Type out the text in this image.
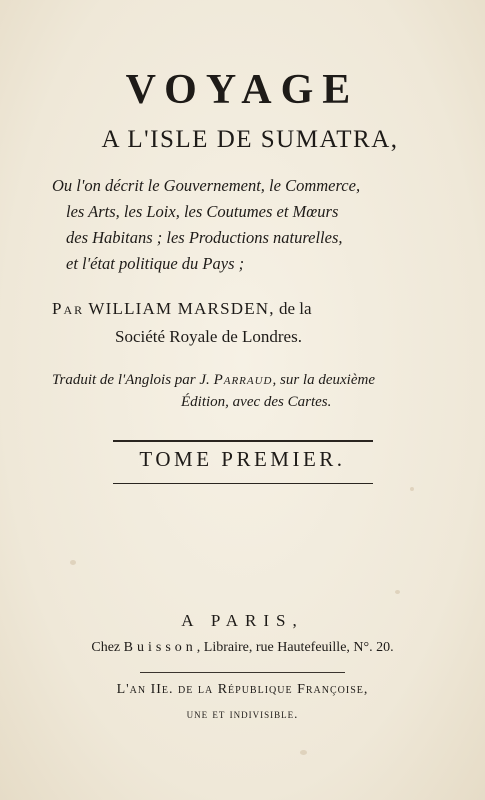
VOYAGE
A L'ISLE DE SUMATRA,
Ou l'on décrit le Gouvernement, le Commerce,
les Arts, les Loix, les Coutumes et Mœurs
des Habitans ; les Productions naturelles,
et l'état politique du Pays ;
Par WILLIAM MARSDEN, de la
Société Royale de Londres.
Traduit de l'Anglois par J. Parraud, sur la deuxième
Édition, avec des Cartes.
TOME PREMIER.
A PARIS,
Chez Buisson, Libraire, rue Hautefeuille, N°. 20.
L'an IIe. de la République Françoise,
une et indivisible.
